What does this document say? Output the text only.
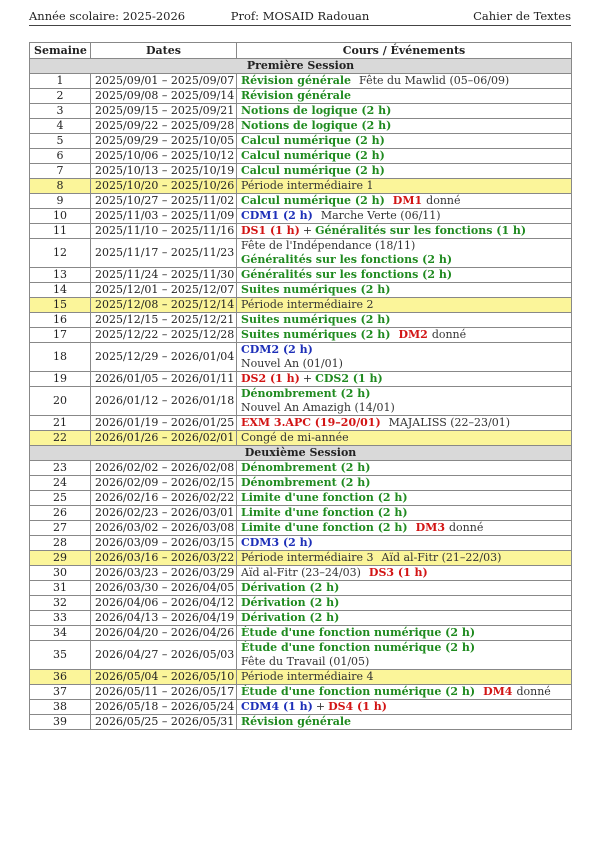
Année scolaire: 2025-2026	Prof: MOSAID Radouan	Cahier de Textes
Semaine	Dates	Cours / Événements
Première Session		
1	2025/09/01 – 2025/09/07	Révision générale Fête du Mawlid (05–06/09)

2	2025/09/08 – 2025/09/14	Révision générale

3	2025/09/15 – 2025/09/21	Notions de logique (2 h)

4	2025/09/22 – 2025/09/28	Notions de logique (2 h)

5	2025/09/29 – 2025/10/05	Calcul numérique (2 h)

6	2025/10/06 – 2025/10/12	Calcul numérique (2 h)

7	2025/10/13 – 2025/10/19	Calcul numérique (2 h)

8	2025/10/20 – 2025/10/26	Période intermédiaire 1

9	2025/10/27 – 2025/11/02	Calcul numérique (2 h) DM1 donné

10	2025/11/03 – 2025/11/09	CDM1 (2 h) Marche Verte (06/11)

11	2025/11/10 – 2025/11/16	DS1 (1 h) + Généralités sur les fonctions (1 h)

12	2025/11/17 – 2025/11/23	Fête de l'Indépendance (18/11)
Généralités sur les fonctions (2 h)

13	2025/11/24 – 2025/11/30	Généralités sur les fonctions (2 h)

14	2025/12/01 – 2025/12/07	Suites numériques (2 h)

15	2025/12/08 – 2025/12/14	Période intermédiaire 2

16	2025/12/15 – 2025/12/21	Suites numériques (2 h)

17	2025/12/22 – 2025/12/28	Suites numériques (2 h) DM2 donné

18	2025/12/29 – 2026/01/04	CDM2 (2 h)
Nouvel An (01/01)

19	2026/01/05 – 2026/01/11	DS2 (1 h) + CDS2 (1 h)

20	2026/01/12 – 2026/01/18	Dénombrement (2 h)
Nouvel An Amazigh (14/01)

21	2026/01/19 – 2026/01/25	EXM 3.APC (19–20/01) MAJALISS (22–23/01)

22	2026/01/26 – 2026/02/01	Congé de mi-année

Deuxième Session		
23	2026/02/02 – 2026/02/08	Dénombrement (2 h)

24	2026/02/09 – 2026/02/15	Dénombrement (2 h)

25	2026/02/16 – 2026/02/22	Limite d'une fonction (2 h)

26	2026/02/23 – 2026/03/01	Limite d'une fonction (2 h)

27	2026/03/02 – 2026/03/08	Limite d'une fonction (2 h) DM3 donné

28	2026/03/09 – 2026/03/15	CDM3 (2 h)

29	2026/03/16 – 2026/03/22	Période intermédiaire 3 Aïd al-Fitr (21–22/03)

30	2026/03/23 – 2026/03/29	Aïd al-Fitr (23–24/03) DS3 (1 h)

31	2026/03/30 – 2026/04/05	Dérivation (2 h)

32	2026/04/06 – 2026/04/12	Dérivation (2 h)

33	2026/04/13 – 2026/04/19	Dérivation (2 h)

34	2026/04/20 – 2026/04/26	Étude d'une fonction numérique (2 h)

35	2026/04/27 – 2026/05/03	Étude d'une fonction numérique (2 h)
Fête du Travail (01/05)

36	2026/05/04 – 2026/05/10	Période intermédiaire 4

37	2026/05/11 – 2026/05/17	Étude d'une fonction numérique (2 h) DM4 donné

38	2026/05/18 – 2026/05/24	CDM4 (1 h) + DS4 (1 h)

39	2026/05/25 – 2026/05/31	Révision générale
